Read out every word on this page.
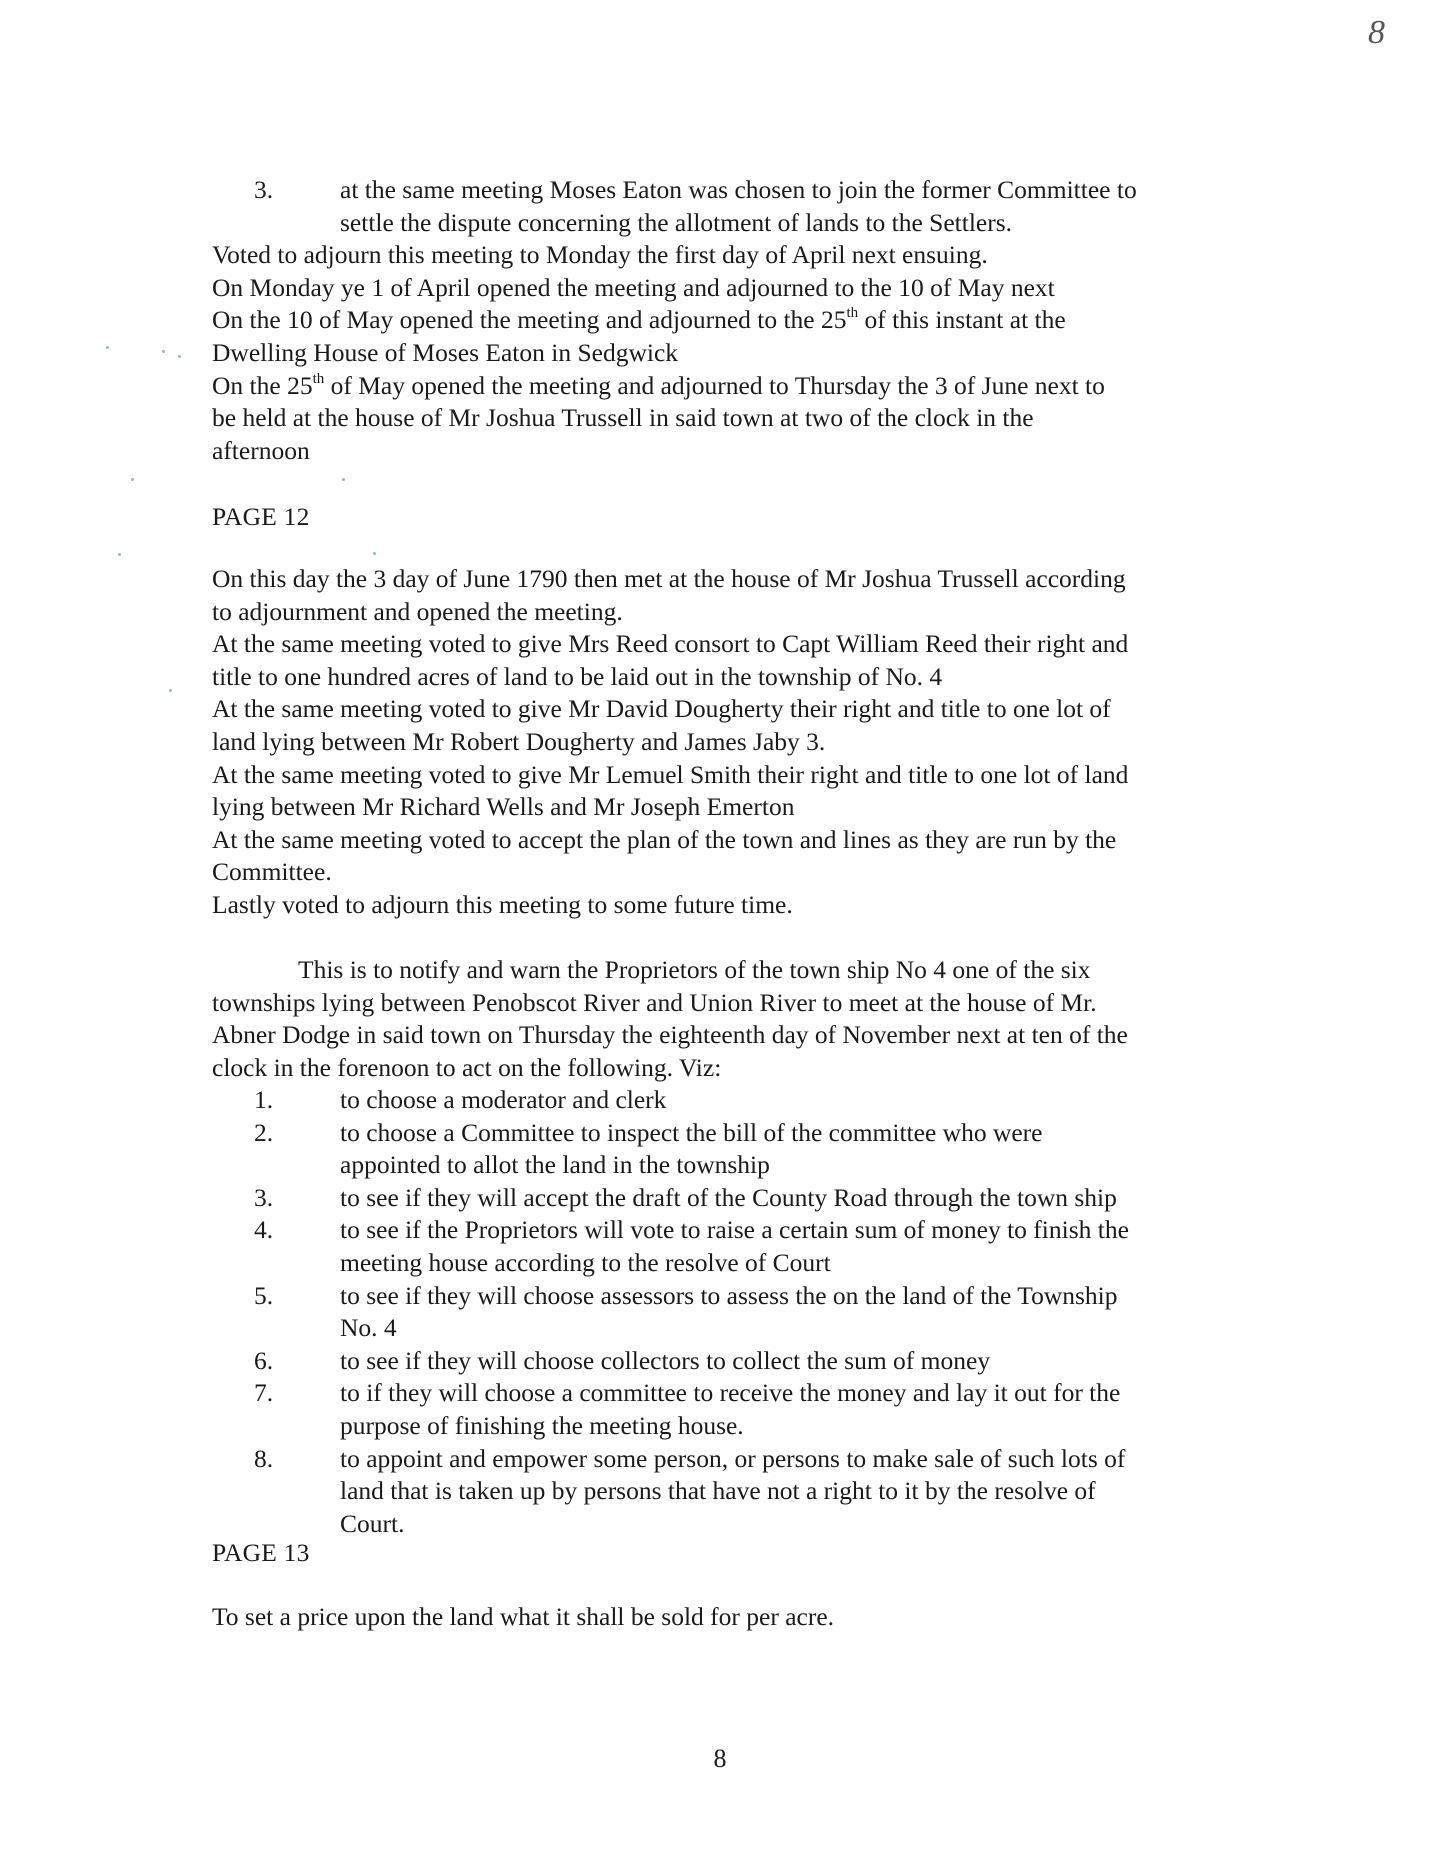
8
3.	at the same meeting Moses Eaton was chosen to join the former Committee to
settle the dispute concerning the allotment of lands to the Settlers.
Voted to adjourn this meeting to Monday the first day of April next ensuing.
On Monday ye 1 of April opened the meeting and adjourned to the 10 of May next
On the 10 of May opened the meeting and adjourned to the 25th of this instant at the
Dwelling House of Moses Eaton in Sedgwick
On the 25th of May opened the meeting and adjourned to Thursday the 3 of June next to
be held at the house of Mr Joshua Trussell in said town at two of the clock in the
afternoon
PAGE 12
On this day the 3 day of June 1790 then met at the house of Mr Joshua Trussell according
to adjournment and opened the meeting.
At the same meeting voted to give Mrs Reed consort to Capt William Reed their right and
title to one hundred acres of land to be laid out in the township of No. 4
At the same meeting voted to give Mr David Dougherty their right and title to one lot of
land lying between Mr Robert Dougherty and James Jaby 3.
At the same meeting voted to give Mr Lemuel Smith their right and title to one lot of land
lying between Mr Richard Wells and Mr Joseph Emerton
At the same meeting voted to accept the plan of the town and lines as they are run by the
Committee.
Lastly voted to adjourn this meeting to some future time.
This is to notify and warn the Proprietors of the town ship No 4 one of the six
townships lying between Penobscot River and Union River to meet at the house of Mr.
Abner Dodge in said town on Thursday the eighteenth day of November next at ten of the
clock in the forenoon to act on the following. Viz:
1.	to choose a moderator and clerk
2.	to choose a Committee to inspect the bill of the committee who were
appointed to allot the land in the township
3.	to see if they will accept the draft of the County Road through the town ship
4.	to see if the Proprietors will vote to raise a certain sum of money to finish the
meeting house according to the resolve of Court
5.	to see if they will choose assessors to assess the on the land of the Township
No. 4
6.	to see if they will choose collectors to collect the sum of money
7.	to if they will choose a committee to receive the money and lay it out for the
purpose of finishing the meeting house.
8.	to appoint and empower some person, or persons to make sale of such lots of
land that is taken up by persons that have not a right to it by the resolve of
Court.
PAGE 13
To set a price upon the land what it shall be sold for per acre.
8
